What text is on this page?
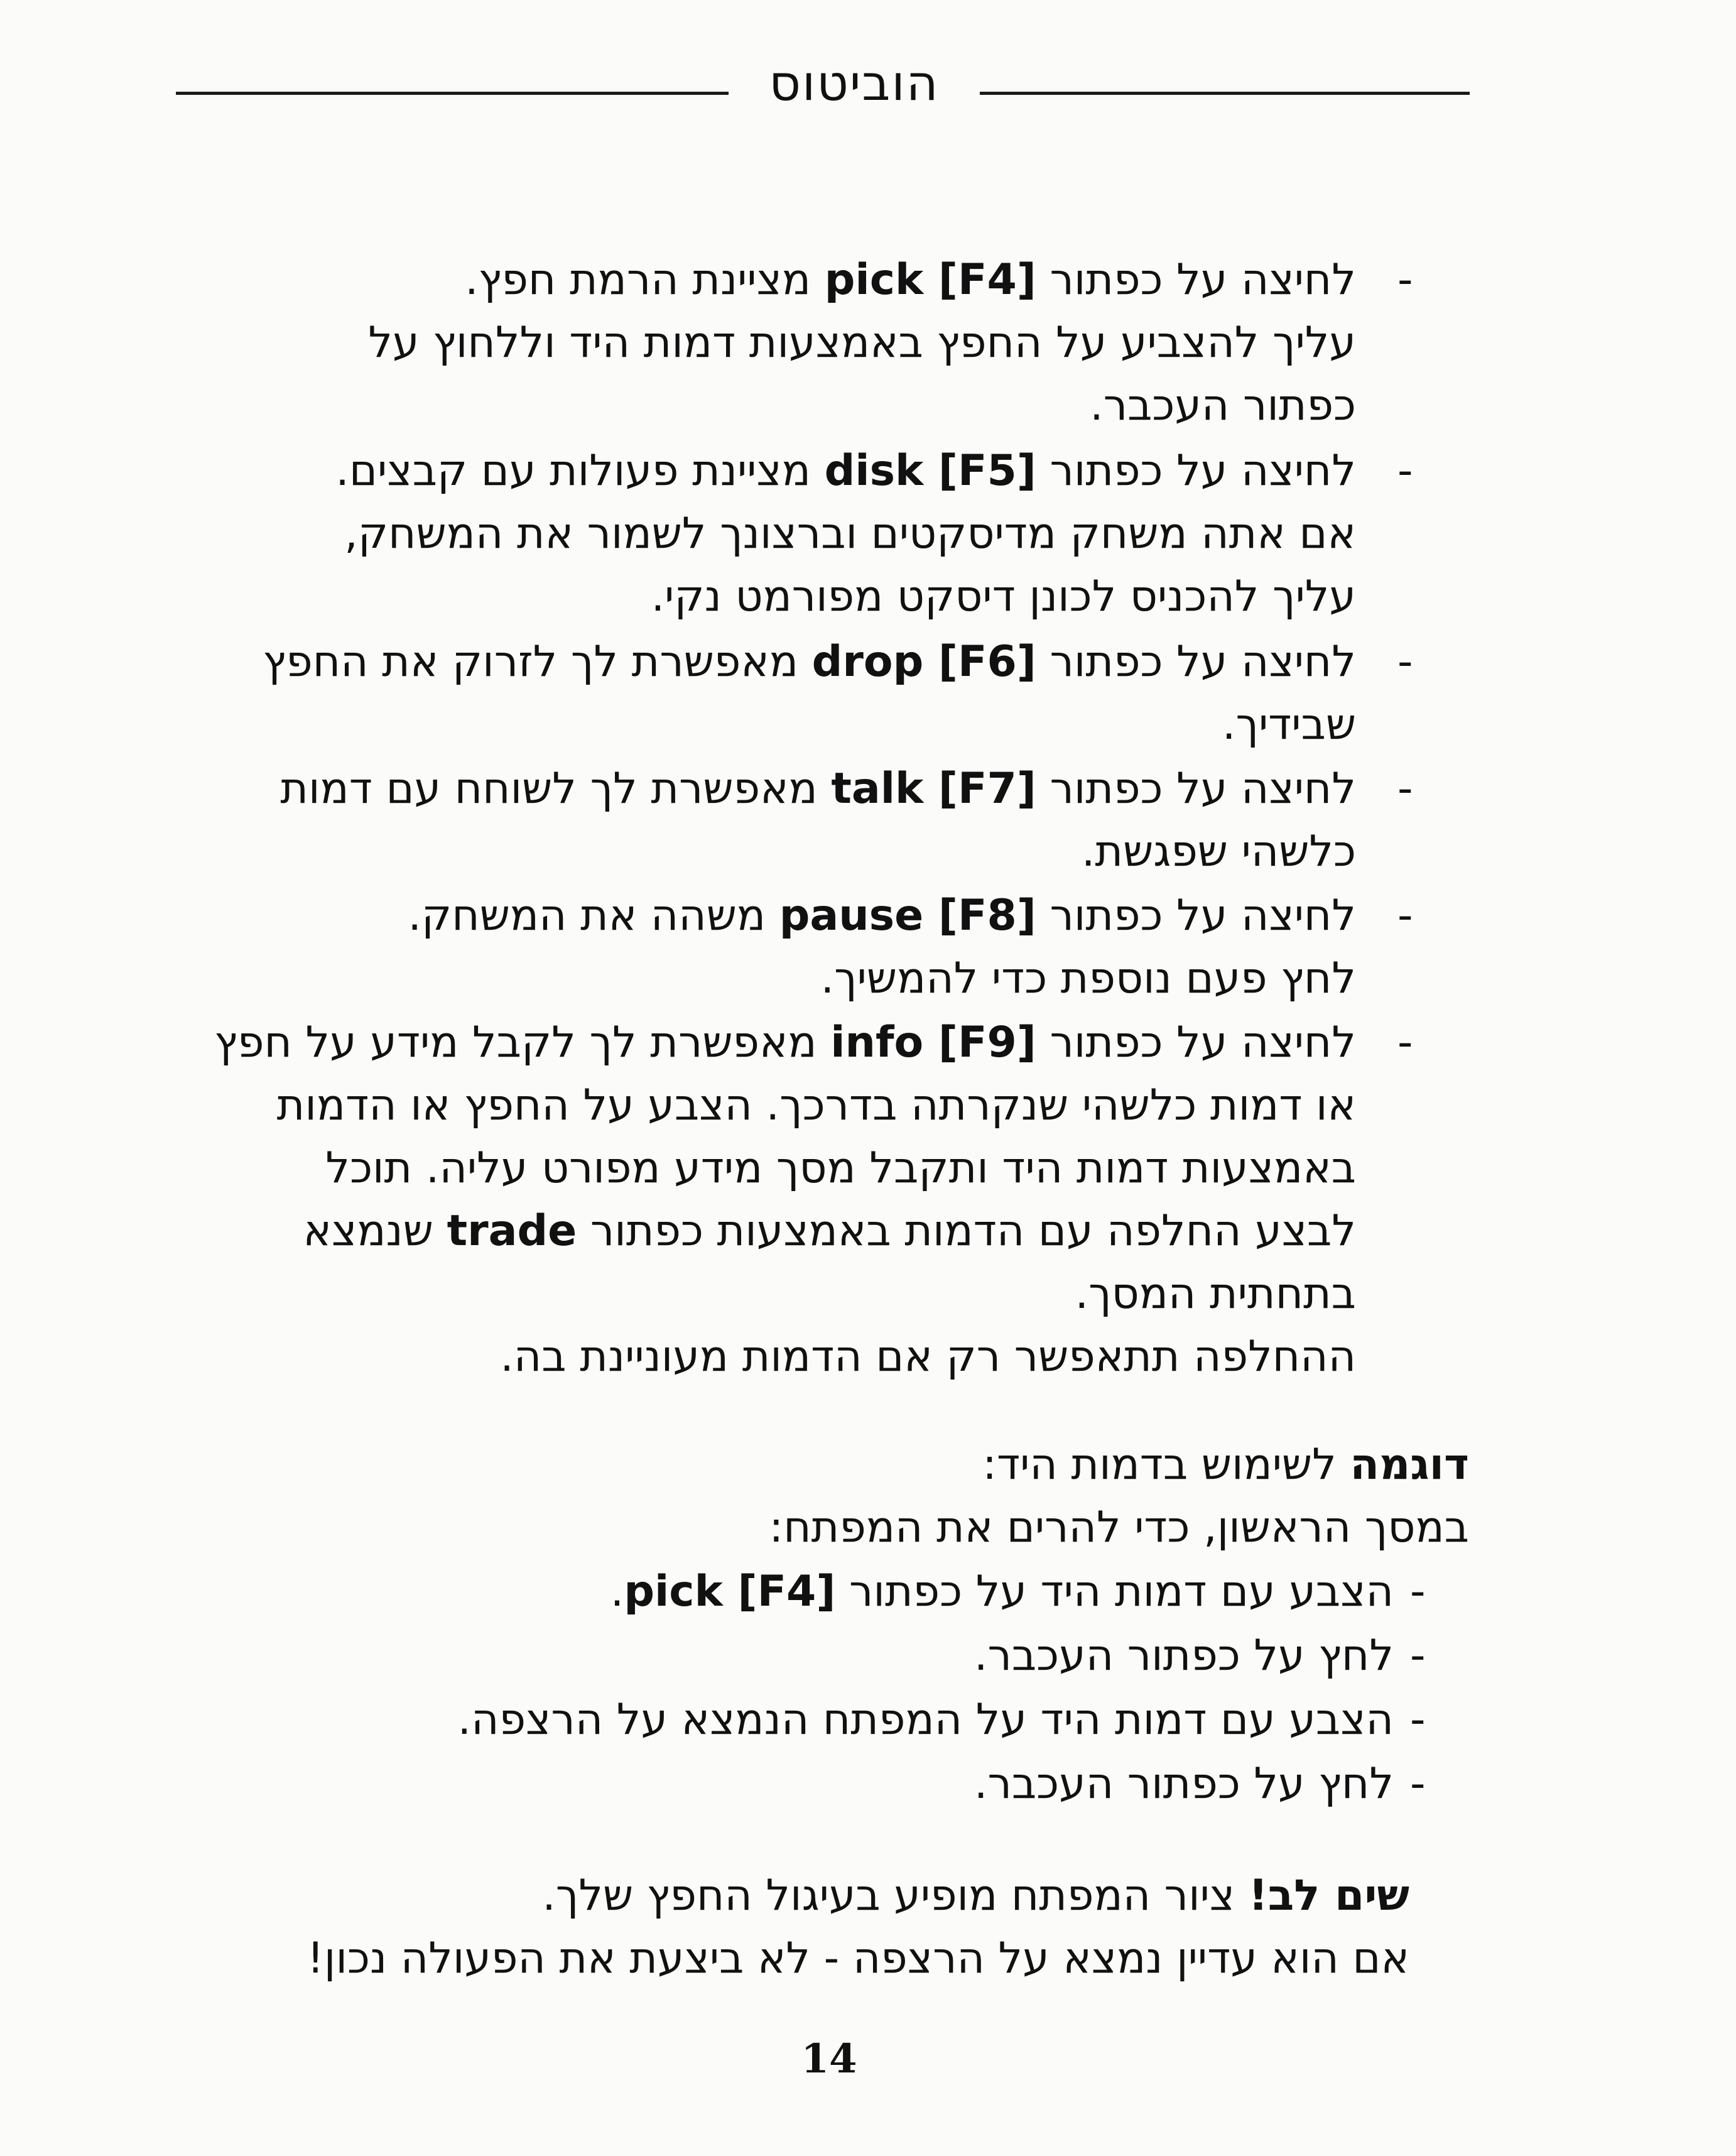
הוביטוס
-
לחיצה על כפתור pick [F4] מציינת הרמת חפץ.
עליך להצביע על החפץ באמצעות דמות היד וללחוץ על
כפתור העכבר.
-
לחיצה על כפתור disk [F5] מציינת פעולות עם קבצים.
אם אתה משחק מדיסקטים וברצונך לשמור את המשחק,
עליך להכניס לכונן דיסקט מפורמט נקי.
-
לחיצה על כפתור drop [F6] מאפשרת לך לזרוק את החפץ
שבידיך.
-
לחיצה על כפתור talk [F7] מאפשרת לך לשוחח עם דמות
כלשהי שפגשת.
-
לחיצה על כפתור pause [F8] משהה את המשחק.
לחץ פעם נוספת כדי להמשיך.
-
לחיצה על כפתור info [F9] מאפשרת לך לקבל מידע על חפץ
או דמות כלשהי שנקרתה בדרכך. הצבע על החפץ או הדמות
באמצעות דמות היד ותקבל מסך מידע מפורט עליה. תוכל
לבצע החלפה עם הדמות באמצעות כפתור trade שנמצא
בתחתית המסך.
ההחלפה תתאפשר רק אם הדמות מעוניינת בה.
דוגמה לשימוש בדמות היד:
במסך הראשון, כדי להרים את המפתח:
-
הצבע עם דמות היד על כפתור pick [F4].
-
לחץ על כפתור העכבר.
-
הצבע עם דמות היד על המפתח הנמצא על הרצפה.
-
לחץ על כפתור העכבר.
שים לב! ציור המפתח מופיע בעיגול החפץ שלך.
אם הוא עדיין נמצא על הרצפה - לא ביצעת את הפעולה נכון!
14
